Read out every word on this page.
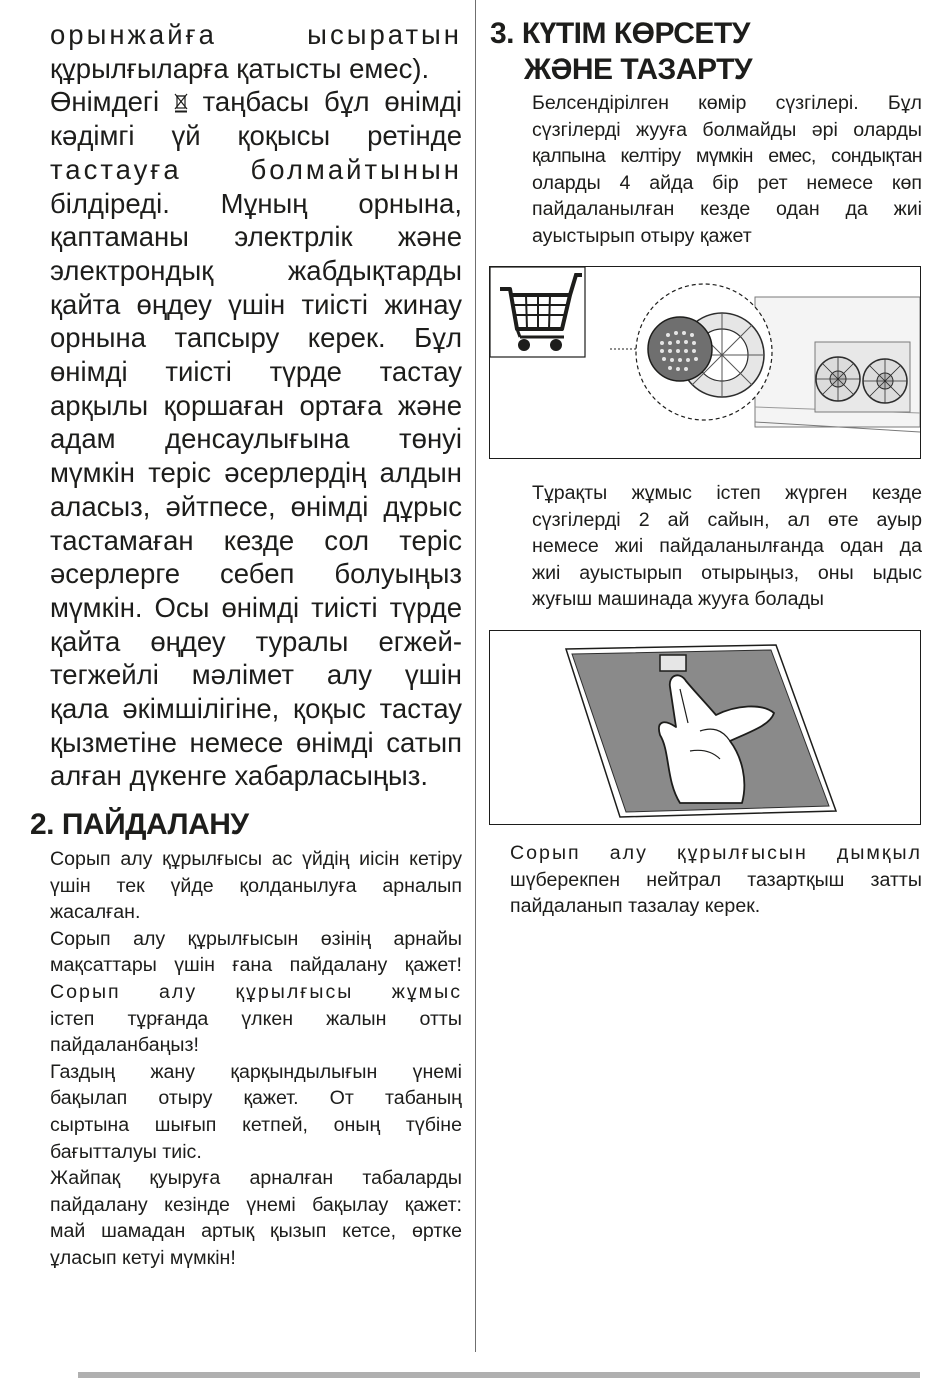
орынжайға ысыратын
құрылғыларға қатысты емес).
Өнімдегі таңбасы бұл өнімді
кәдімгі үй қоқысы ретінде
тастауға болмайтынын
білдіреді. Мұның орнына,
қаптаманы электрлік және
электрондық жабдықтарды
қайта өңдеу үшін тиісті жинау
орнына тапсыру керек. Бұл
өнімді тиісті түрде тастау
арқылы қоршаған ортаға және
адам денсаулығына төнуі
мүмкін теріс әсерлердің алдын
аласыз, әйтпесе, өнімді дұрыс
тастамаған кезде сол теріс
әсерлерге себеп болуыңыз
мүмкін. Осы өнімді тиісті түрде
қайта өңдеу туралы егжей-
тегжейлі мәлімет алу үшін
қала әкімшілігіне, қоқыс тастау
қызметіне немесе өнімді сатып
алған дүкенге хабарласыңыз.

2. ПАЙДАЛАНУ
Сорып алу құрылғысы ас үйдің иісін кетіру
үшін тек үйде қолданылуға арналып
жасалған.
Сорып алу құрылғысын өзінің арнайы
мақсаттары үшін ғана пайдалану қажет!
Сорып алу құрылғысы жұмыс
істеп тұрғанда үлкен жалын отты
пайдаланбаңыз!
Газдың жану қарқындылығын үнемі
бақылап отыру қажет. От табаның
сыртына шығып кетпей, оның түбіне
бағытталуы тиіс.
Жайпақ қуыруға арналған табаларды
пайдалану кезінде үнемі бақылау қажет:
май шамадан артық қызып кетсе, өртке
ұласып кетуі мүмкін!

3. КҮТІМ КӨРСЕТУ
ЖӘНЕ ТАЗАРТУ

Белсендірілген көмір сүзгілері. Бұл
сүзгілерді жууға болмайды әрі оларды
қалпына келтіру мүмкін емес, сондықтан
оларды 4 айда бір рет немесе көп
пайдаланылған кезде одан да жиі
ауыстырып отыру қажет
Тұрақты жұмыс істеп жүрген кезде
сүзгілерді 2 ай сайын, ал өте ауыр
немесе жиі пайдаланылғанда одан да
жиі ауыстырып отырыңыз, оны ыдыс
жуғыш машинада жууға болады
Сорып алу құрылғысын дымқыл
шүберекпен нейтрал тазартқыш затты
пайдаланып тазалау керек.
